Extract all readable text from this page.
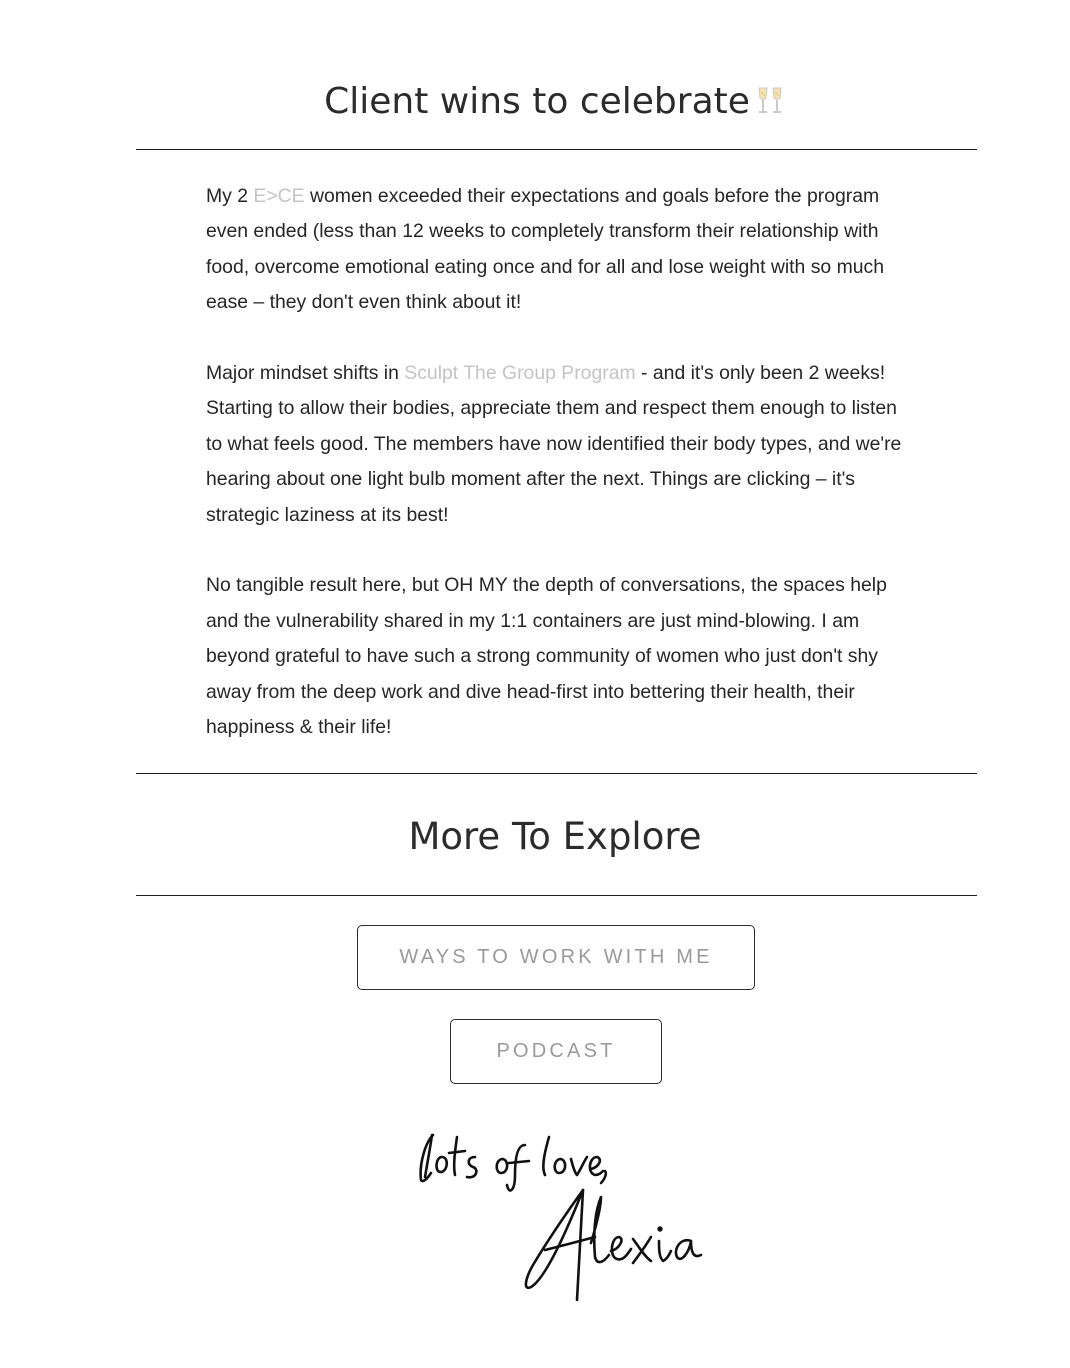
Client wins to celebrate

My 2 E>CE women exceeded their expectations and goals before the program even ended (less than 12 weeks to completely transform their relationship with food, overcome emotional eating once and for all and lose weight with so much ease – they don't even think about it!

Major mindset shifts in Sculpt The Group Program - and it's only been 2 weeks! Starting to allow their bodies, appreciate them and respect them enough to listen to what feels good. The members have now identified their body types, and we're hearing about one light bulb moment after the next. Things are clicking – it's strategic laziness at its best!

No tangible result here, but OH MY the depth of conversations, the spaces help and the vulnerability shared in my 1:1 containers are just mind-blowing. I am beyond grateful to have such a strong community of women who just don't shy away from the deep work and dive head-first into bettering their health, their happiness & their life!

More To Explore
WAYS TO WORK WITH ME
PODCAST
